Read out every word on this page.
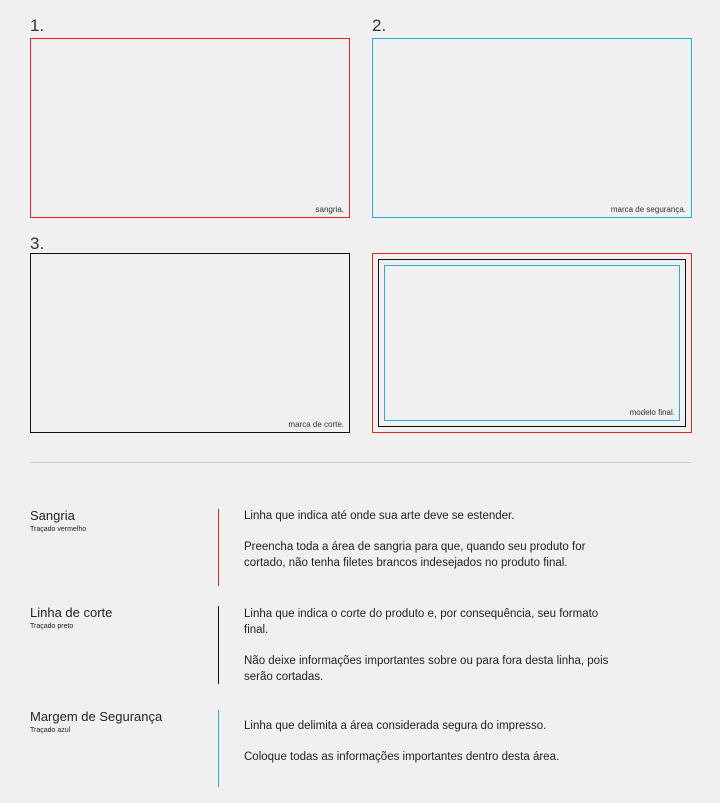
1.
sangria.
2.
marca de segurança.
3.
marca de corte.
modelo final.
Sangria
Traçado vermelho

Linha que indica até onde sua arte deve se estender.

Preencha toda a área de sangria para que, quando seu produto for cortado, não tenha filetes brancos indesejados no produto final.

Linha de corte
Traçado preto

Linha que indica o corte do produto e, por consequência, seu formato final.

Não deixe informações importantes sobre ou para fora desta linha, pois serão cortadas.

Margem de Segurança
Traçado azul	Linha que delimita a área considerada segura do impresso.

Coloque todas as informações importantes dentro desta área.
